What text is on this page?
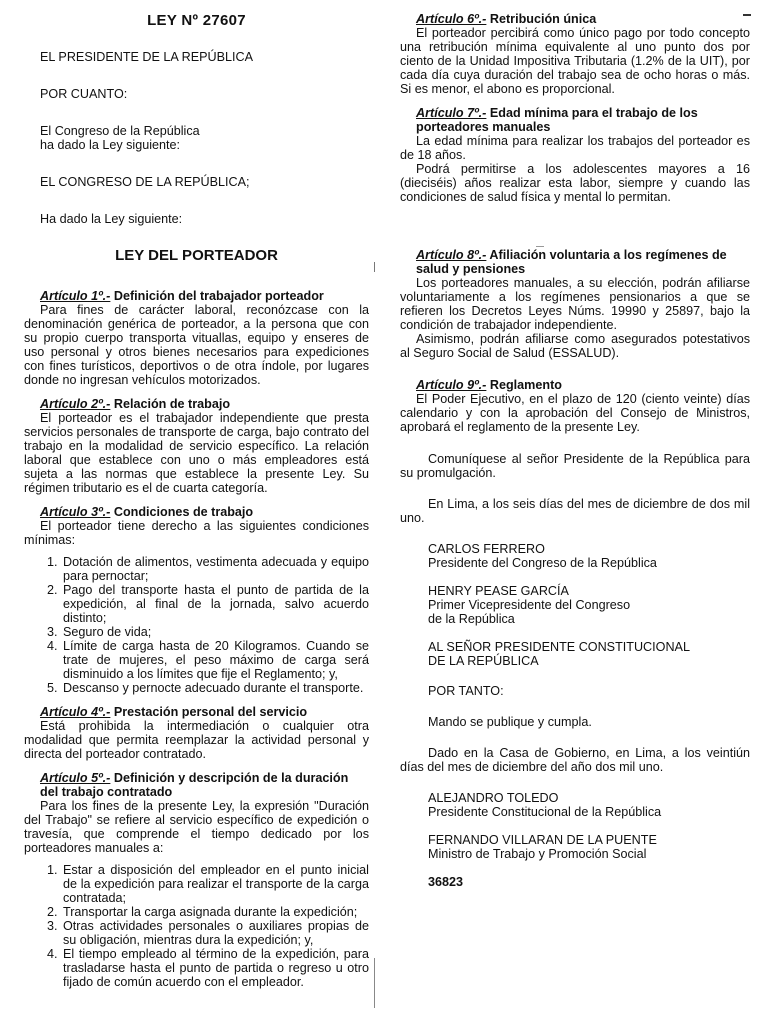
LEY Nº 27607

EL PRESIDENTE DE LA REPÚBLICA

POR CUANTO:

El Congreso de la República

ha dado la Ley siguiente:

EL CONGRESO DE LA REPÚBLICA;

Ha dado la Ley siguiente:

LEY DEL PORTEADOR

Artículo 1º.- Definición del trabajador porteador

Para fines de carácter laboral, reconózcase con la denominación genérica de porteador, a la persona que con su propio cuerpo transporta vituallas, equipo y enseres de uso personal y otros bienes necesarios para expediciones con fines turísticos, deportivos o de otra índole, por lugares donde no ingresan vehículos motorizados.

Artículo 2º.- Relación de trabajo

El porteador es el trabajador independiente que presta servicios personales de transporte de carga, bajo contrato del trabajo en la modalidad de servicio específico. La relación laboral que establece con uno o más empleadores está sujeta a las normas que establece la presente Ley. Su régimen tributario es el de cuarta categoría.

Artículo 3º.- Condiciones de trabajo

El porteador tiene derecho a las siguientes condiciones mínimas:

1. Dotación de alimentos, vestimenta adecuada y equipo para pernoctar;
2. Pago del transporte hasta el punto de partida de la expedición, al final de la jornada, salvo acuerdo distinto;
3. Seguro de vida;
4. Límite de carga hasta de 20 Kilogramos. Cuando se trate de mujeres, el peso máximo de carga será disminuido a los límites que fije el Reglamento; y,
5. Descanso y pernocte adecuado durante el transporte.

Artículo 4º.- Prestación personal del servicio

Está prohibida la intermediación o cualquier otra modalidad que permita reemplazar la actividad personal y directa del porteador contratado.

Artículo 5º.- Definición y descripción de la duración del trabajo contratado

Para los fines de la presente Ley, la expresión "Duración del Trabajo" se refiere al servicio específico de expedición o travesía, que comprende el tiempo dedicado por los porteadores manuales a:

1. Estar a disposición del empleador en el punto inicial de la expedición para realizar el transporte de la carga contratada;
2. Transportar la carga asignada durante la expedición;
3. Otras actividades personales o auxiliares propias de su obligación, mientras dura la expedición; y,
4. El tiempo empleado al término de la expedición, para trasladarse hasta el punto de partida o regreso u otro fijado de común acuerdo con el empleador.

Artículo 6º.- Retribución única

El porteador percibirá como único pago por todo concepto una retribución mínima equivalente al uno punto dos por ciento de la Unidad Impositiva Tributaria (1.2% de la UIT), por cada día cuya duración del trabajo sea de ocho horas o más. Si es menor, el abono es proporcional.

Artículo 7º.- Edad mínima para el trabajo de los porteadores manuales

La edad mínima para realizar los trabajos del porteador es de 18 años.

Podrá permitirse a los adolescentes mayores a 16 (dieciséis) años realizar esta labor, siempre y cuando las condiciones de salud física y mental lo permitan.

Artículo 8º.- Afiliación voluntaria a los regímenes de salud y pensiones

Los porteadores manuales, a su elección, podrán afiliarse voluntariamente a los regímenes pensionarios a que se refieren los Decretos Leyes Núms. 19990 y 25897, bajo la condición de trabajador independiente.

Asimismo, podrán afiliarse como asegurados potestativos al Seguro Social de Salud (ESSALUD).

Artículo 9º.- Reglamento

El Poder Ejecutivo, en el plazo de 120 (ciento veinte) días calendario y con la aprobación del Consejo de Ministros, aprobará el reglamento de la presente Ley.

Comuníquese al señor Presidente de la República para su promulgación.

En Lima, a los seis días del mes de diciembre de dos mil uno.

CARLOS FERRERO

Presidente del Congreso de la República

HENRY PEASE GARCÍA

Primer Vicepresidente del Congreso

de la República

AL SEÑOR PRESIDENTE CONSTITUCIONAL

DE LA REPÚBLICA

POR TANTO:

Mando se publique y cumpla.

Dado en la Casa de Gobierno, en Lima, a los veintiún días del mes de diciembre del año dos mil uno.

ALEJANDRO TOLEDO

Presidente Constitucional de la República

FERNANDO VILLARAN DE LA PUENTE

Ministro de Trabajo y Promoción Social

36823
